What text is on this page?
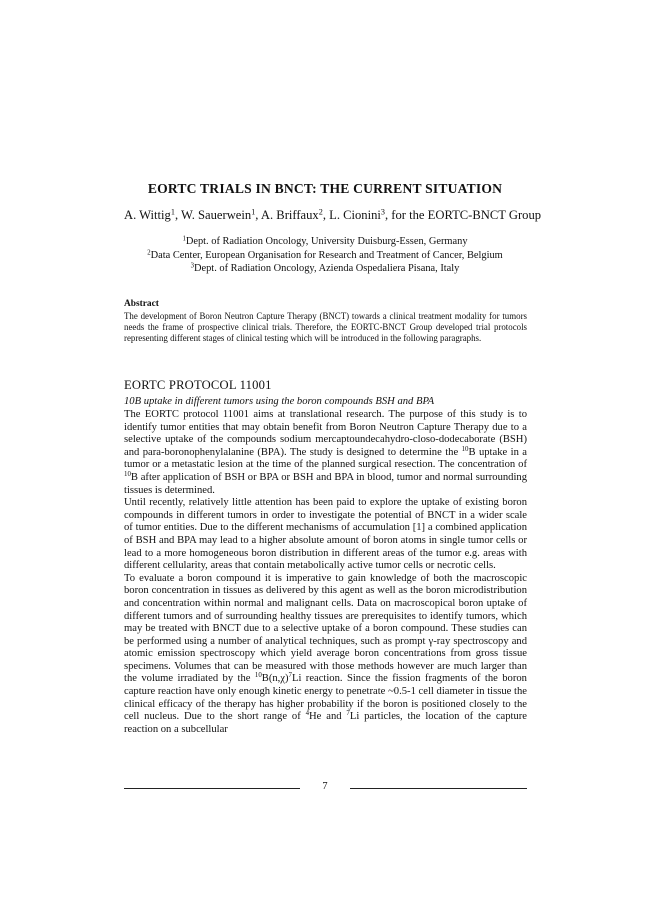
EORTC TRIALS IN BNCT: THE CURRENT SITUATION
A. Wittig$^1$, W. Sauerwein$^1$, A. Briffaux$^2$, L. Cionini$^3$, for the EORTC-BNCT Group
$^1$Dept. of Radiation Oncology, University Duisburg-Essen, Germany
$^2$Data Center, European Organisation for Research and Treatment of Cancer, Belgium
$^3$Dept. of Radiation Oncology, Azienda Ospedaliera Pisana, Italy
Abstract
The development of Boron Neutron Capture Therapy (BNCT) towards a clinical treatment modality for tumors needs the frame of prospective clinical trials. Therefore, the EORTC-BNCT Group developed trial protocols representing different stages of clinical testing which will be introduced in the following paragraphs.
EORTC PROTOCOL 11001
10B uptake in different tumors using the boron compounds BSH and BPA

The EORTC protocol 11001 aims at translational research. The purpose of this study is to identify tumor entities that may obtain benefit from Boron Neutron Capture Therapy due to a selective uptake of the compounds sodium mercaptoundecahydro-closo-dodecaborate (BSH) and para-boronophenylalanine (BPA). The study is designed to determine the $^{10}$B uptake in a tumor or a metastatic lesion at the time of the planned surgical resection. The concentration of $^{10}$B after application of BSH or BPA or BSH and BPA in blood, tumor and normal surrounding tissues is determined.

Until recently, relatively little attention has been paid to explore the uptake of existing boron compounds in different tumors in order to investigate the potential of BNCT in a wider scale of tumor entities. Due to the different mechanisms of accumulation [1] a combined application of BSH and BPA may lead to a higher absolute amount of boron atoms in single tumor cells or lead to a more homogeneous boron distribution in different areas of the tumor e.g. areas with different cellularity, areas that contain metabolically active tumor cells or necrotic cells.

To evaluate a boron compound it is imperative to gain knowledge of both the macroscopic boron concentration in tissues as delivered by this agent as well as the boron microdistribution and concentration within normal and malignant cells. Data on macroscopical boron uptake of different tumors and of surrounding healthy tissues are prerequisites to identify tumors, which may be treated with BNCT due to a selective uptake of a boron compound. These studies can be performed using a number of analytical techniques, such as prompt γ-ray spectroscopy and atomic emission spectroscopy which yield average boron concentrations from gross tissue specimens. Volumes that can be measured with those methods however are much larger than the volume irradiated by the $^{10}B(n,\chi)^7Li$ reaction. Since the fission fragments of the boron capture reaction have only enough kinetic energy to penetrate ~0.5-1 cell diameter in tissue the clinical efficacy of the therapy has higher probability if the boron is positioned closely to the cell nucleus. Due to the short range of $^4$He and $^7$Li particles, the location of the capture reaction on a subcellular

7
